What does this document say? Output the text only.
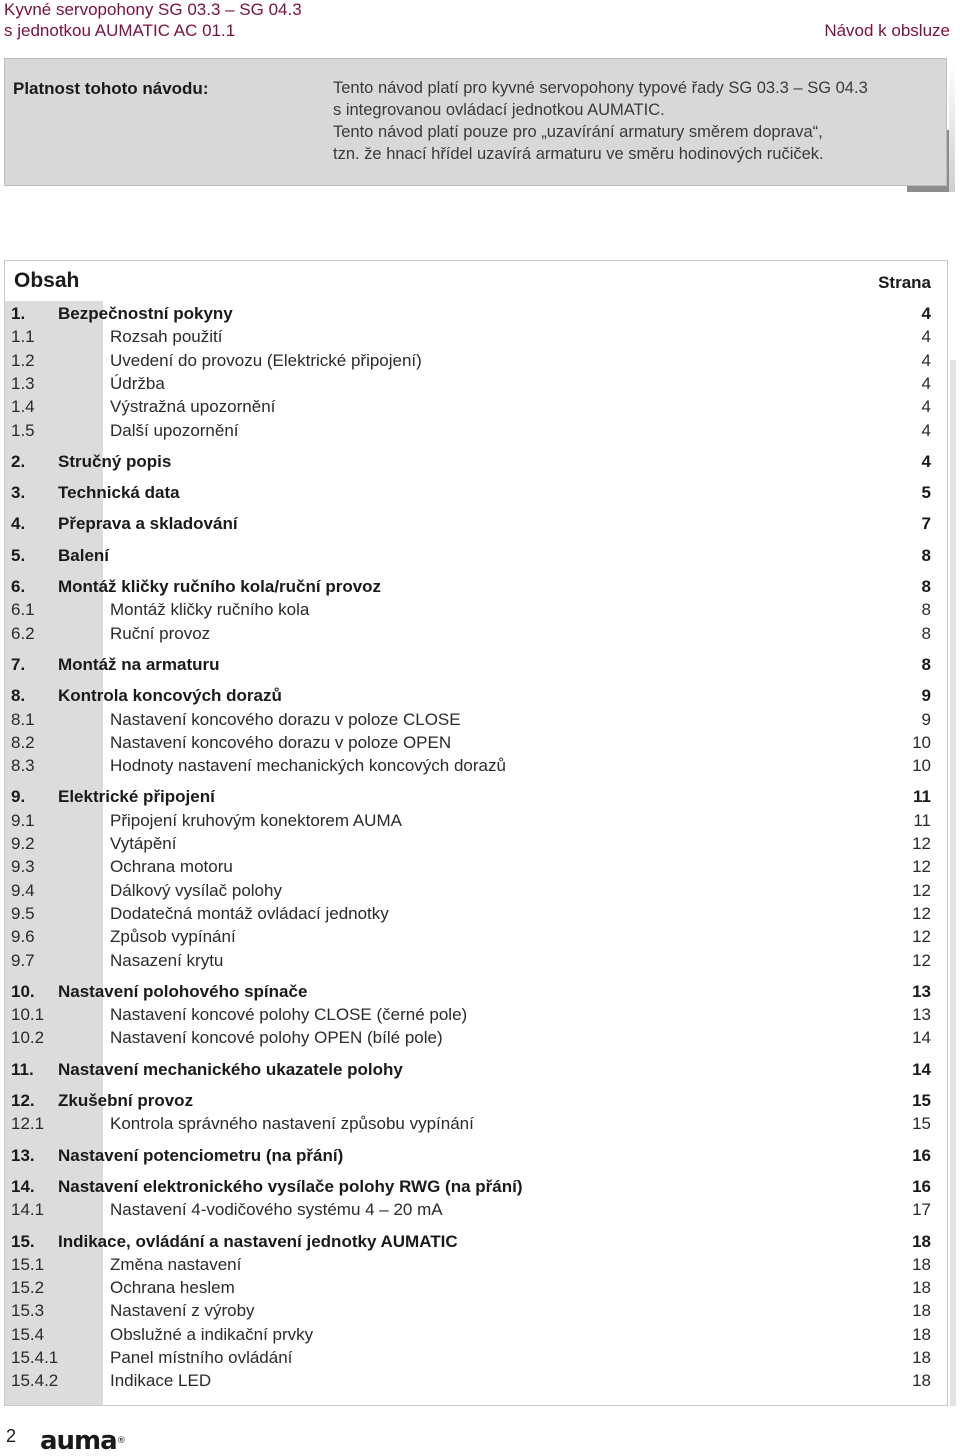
Kyvné servopohony SG 03.3 – SG 04.3
s jednotkou AUMATIC AC 01.1	Návod k obsluze
Platnost tohoto návodu:	Tento návod platí pro kyvné servopohony typové řady SG 03.3 – SG 04.3
s integrovanou ovládací jednotkou AUMATIC.
Tento návod platí pouze pro „uzavírání armatury směrem doprava“,
tzn. že hnací hřídel uzavírá armaturu ve směru hodinových ručiček.
Obsah	Strana
1. Bezpečnostní pokyny	4
1.1	Rozsah použití	4
1.2	Uvedení do provozu (Elektrické připojení)	4
1.3	Údržba	4
1.4	Výstražná upozornění	4
1.5	Další upozornění	4
2. Stručný popis	4
3. Technická data	5
4. Přeprava a skladování	7
5. Balení	8
6. Montáž kličky ručního kola/ruční provoz	8
6.1	Montáž kličky ručního kola	8
6.2	Ruční provoz	8
7. Montáž na armaturu	8
8. Kontrola koncových dorazů	9
8.1	Nastavení koncového dorazu v poloze CLOSE	9
8.2	Nastavení koncového dorazu v poloze OPEN	10
8.3	Hodnoty nastavení mechanických koncových dorazů	10
9. Elektrické připojení	11
9.1	Připojení kruhovým konektorem AUMA	11
9.2	Vytápění	12
9.3	Ochrana motoru	12
9.4	Dálkový vysílač polohy	12
9.5	Dodatečná montáž ovládací jednotky	12
9.6	Způsob vypínání	12
9.7	Nasazení krytu	12
10. Nastavení polohového spínače	13
10.1	Nastavení koncové polohy CLOSE (černé pole)	13
10.2	Nastavení koncové polohy OPEN (bílé pole)	14
11. Nastavení mechanického ukazatele polohy	14
12. Zkušební provoz	15
12.1	Kontrola správného nastavení způsobu vypínání	15
13. Nastavení potenciometru (na přání)	16
14. Nastavení elektronického vysílače polohy RWG (na přání)	16
14.1	Nastavení 4-vodičového systému 4 – 20 mA	17
15. Indikace, ovládání a nastavení jednotky AUMATIC	18
15.1	Změna nastavení	18
15.2	Ochrana heslem	18
15.3	Nastavení z výroby	18
15.4	Obslužné a indikační prvky	18
15.4.1	Panel místního ovládání	18
15.4.2	Indikace LED	18
2 auma®
